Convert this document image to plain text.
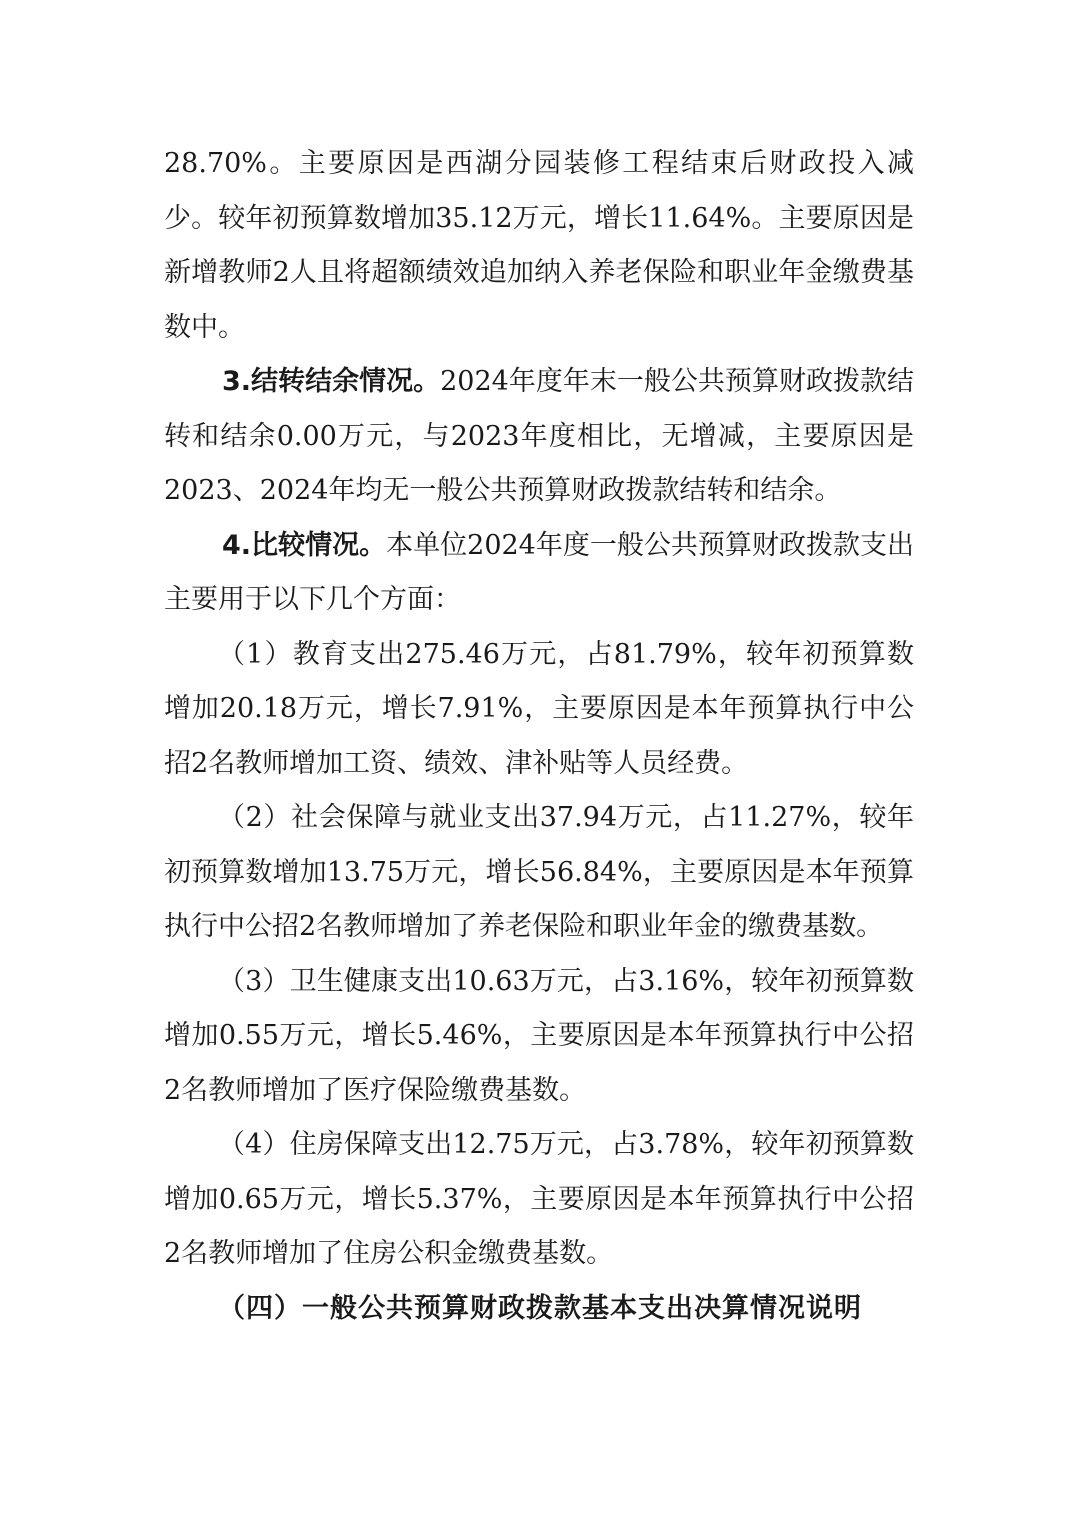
28.70%。主要原因是西湖分园装修工程结束后财政投入减少。较年初预算数增加35.12万元，增长11.64%。主要原因是新增教师2人且将超额绩效追加纳入养老保险和职业年金缴费基数中。

3.结转结余情况。2024年度年末一般公共预算财政拨款结转和结余0.00万元，与2023年度相比，无增减，主要原因是2023、2024年均无一般公共预算财政拨款结转和结余。

4.比较情况。本单位2024年度一般公共预算财政拨款支出主要用于以下几个方面：

（1）教育支出275.46万元，占81.79%，较年初预算数增加20.18万元，增长7.91%，主要原因是本年预算执行中公招2名教师增加工资、绩效、津补贴等人员经费。

（2）社会保障与就业支出37.94万元，占11.27%，较年初预算数增加13.75万元，增长56.84%，主要原因是本年预算执行中公招2名教师增加了养老保险和职业年金的缴费基数。

（3）卫生健康支出10.63万元，占3.16%，较年初预算数增加0.55万元，增长5.46%，主要原因是本年预算执行中公招2名教师增加了医疗保险缴费基数。

（4）住房保障支出12.75万元，占3.78%，较年初预算数增加0.65万元，增长5.37%，主要原因是本年预算执行中公招2名教师增加了住房公积金缴费基数。

（四）一般公共预算财政拨款基本支出决算情况说明
